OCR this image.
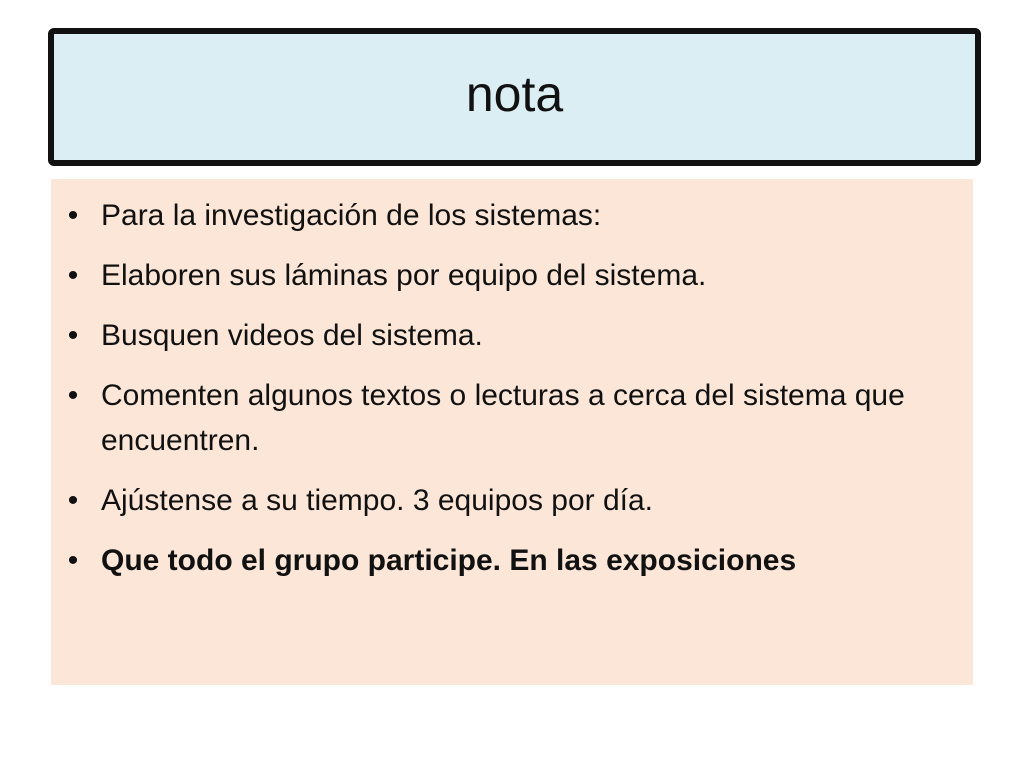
nota
• Para la investigación de los sistemas:
• Elaboren sus láminas por equipo del sistema.
• Busquen videos del sistema.
• Comenten algunos textos o lecturas a cerca del sistema que encuentren.
• Ajústense a su tiempo. 3 equipos por día.
• Que todo el grupo participe. En las exposiciones
